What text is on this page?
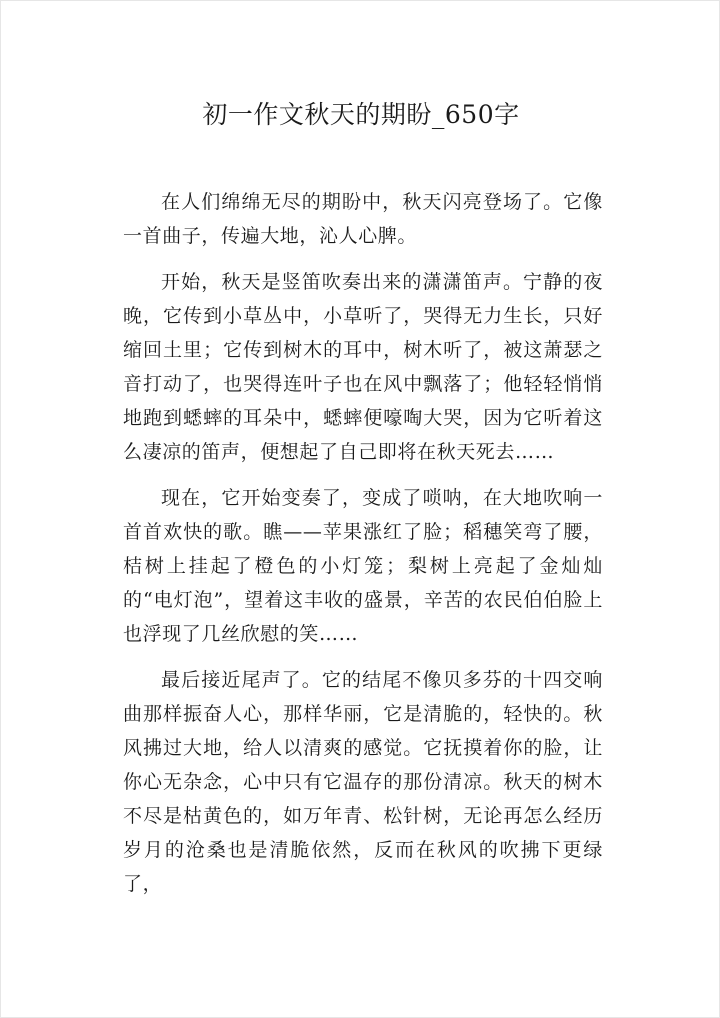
初一作文秋天的期盼_650字

在人们绵绵无尽的期盼中，秋天闪亮登场了。它像一首曲子，传遍大地，沁人心脾。

开始，秋天是竖笛吹奏出来的潇潇笛声。宁静的夜晚，它传到小草丛中，小草听了，哭得无力生长，只好缩回土里；它传到树木的耳中，树木听了，被这萧瑟之音打动了，也哭得连叶子也在风中飘落了；他轻轻悄悄地跑到蟋蟀的耳朵中，蟋蟀便嚎啕大哭，因为它听着这么凄凉的笛声，便想起了自己即将在秋天死去……

现在，它开始变奏了，变成了唢呐，在大地吹响一首首欢快的歌。瞧——苹果涨红了脸；稻穗笑弯了腰，桔树上挂起了橙色的小灯笼；梨树上亮起了金灿灿的“电灯泡”，望着这丰收的盛景，辛苦的农民伯伯脸上也浮现了几丝欣慰的笑……

最后接近尾声了。它的结尾不像贝多芬的十四交响曲那样振奋人心，那样华丽，它是清脆的，轻快的。秋风拂过大地，给人以清爽的感觉。它抚摸着你的脸，让你心无杂念，心中只有它温存的那份清凉。秋天的树木不尽是枯黄色的，如万年青、松针树，无论再怎么经历岁月的沧桑也是清脆依然，反而在秋风的吹拂下更绿了，
